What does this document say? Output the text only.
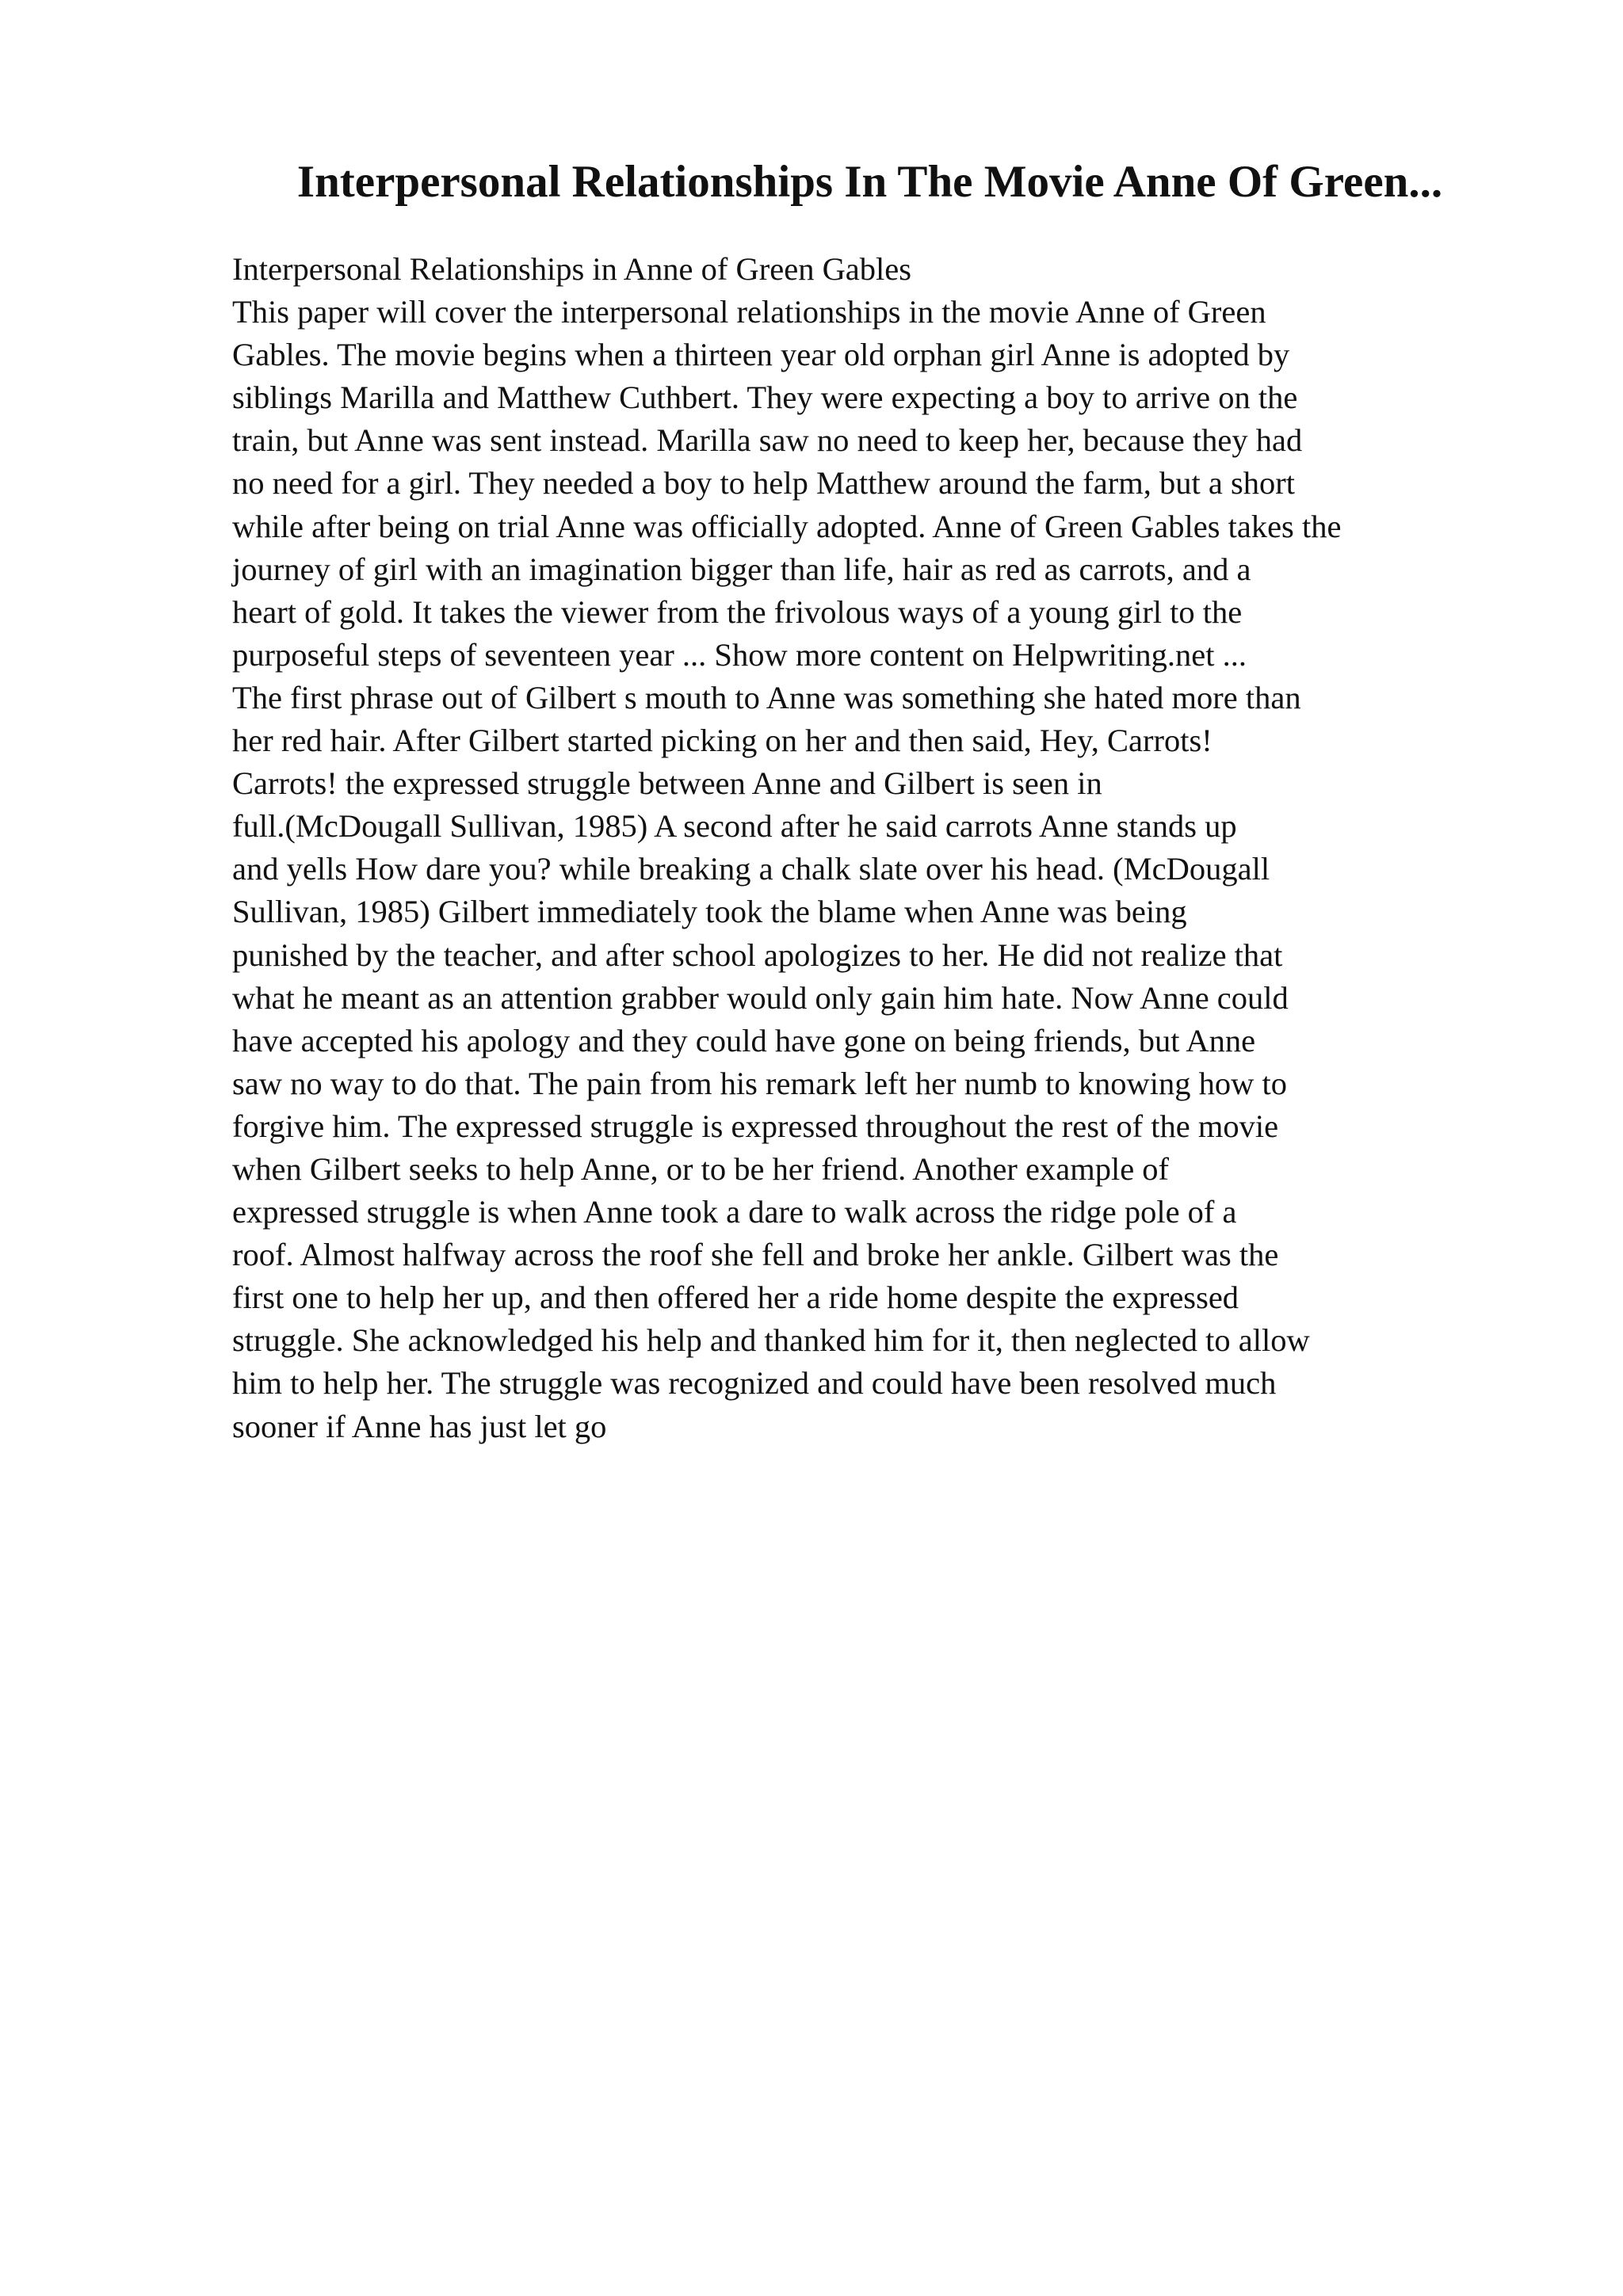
Interpersonal Relationships In The Movie Anne Of Green...
Interpersonal Relationships in Anne of Green Gables
This paper will cover the interpersonal relationships in the movie Anne of Green
Gables. The movie begins when a thirteen year old orphan girl Anne is adopted by
siblings Marilla and Matthew Cuthbert. They were expecting a boy to arrive on the
train, but Anne was sent instead. Marilla saw no need to keep her, because they had
no need for a girl. They needed a boy to help Matthew around the farm, but a short
while after being on trial Anne was officially adopted. Anne of Green Gables takes the
journey of girl with an imagination bigger than life, hair as red as carrots, and a
heart of gold. It takes the viewer from the frivolous ways of a young girl to the
purposeful steps of seventeen year ... Show more content on Helpwriting.net ...
The first phrase out of Gilbert s mouth to Anne was something she hated more than
her red hair. After Gilbert started picking on her and then said, Hey, Carrots!
Carrots! the expressed struggle between Anne and Gilbert is seen in
full.(McDougall Sullivan, 1985) A second after he said carrots Anne stands up
and yells How dare you? while breaking a chalk slate over his head. (McDougall
Sullivan, 1985) Gilbert immediately took the blame when Anne was being
punished by the teacher, and after school apologizes to her. He did not realize that
what he meant as an attention grabber would only gain him hate. Now Anne could
have accepted his apology and they could have gone on being friends, but Anne
saw no way to do that. The pain from his remark left her numb to knowing how to
forgive him. The expressed struggle is expressed throughout the rest of the movie
when Gilbert seeks to help Anne, or to be her friend. Another example of
expressed struggle is when Anne took a dare to walk across the ridge pole of a
roof. Almost halfway across the roof she fell and broke her ankle. Gilbert was the
first one to help her up, and then offered her a ride home despite the expressed
struggle. She acknowledged his help and thanked him for it, then neglected to allow
him to help her. The struggle was recognized and could have been resolved much
sooner if Anne has just let go
